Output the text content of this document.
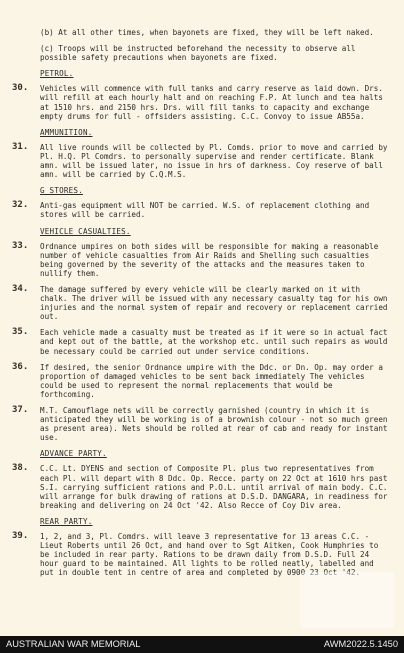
(b) At all other times, when bayonets are fixed, they will be left naked.

(c) Troops will be instructed beforehand the necessity to observe all possible safety precautions when bayonets are fixed.

PETROL.
30. Vehicles will commence with full tanks and carry reserve as laid down. Drs. will refill at each hourly halt and on reaching F.P. At lunch and tea halts at 1510 hrs. and 2150 hrs. Drs. will fill tanks to capacity and exchange empty drums for full - offsiders assisting. C.C. Convoy to issue AB55a.
AMMUNITION.
31. All live rounds will be collected by Pl. Comds. prior to move and carried by Pl. H.Q. Pl Comdrs. to personally supervise and render certificate. Blank amn. will be issued later, no issue in hrs of darkness. Coy reserve of ball amn. will be carried by C.Q.M.S.
G STORES.
32. Anti-gas equipment will NOT be carried. W.S. of replacement clothing and stores will be carried.
VEHICLE CASUALTIES.
33. Ordnance umpires on both sides will be responsible for making a reasonable number of vehicle casualties from Air Raids and Shelling such casualties being governed by the severity of the attacks and the measures taken to nullify them.
34. The damage suffered by every vehicle will be clearly marked on it with chalk. The driver will be issued with any necessary casualty tag for his own injuries and the normal system of repair and recovery or replacement carried out.
35. Each vehicle made a casualty must be treated as if it were so in actual fact and kept out of the battle, at the workshop etc. until such repairs as would be necessary could be carried out under service conditions.
36. If desired, the senior Ordnance umpire with the Ddc. or Dn. Op. may order a proportion of damaged vehicles to be sent back immediately The vehicles could be used to represent the normal replacements that would be forthcoming.
37. M.T. Camouflage nets will be correctly garnished (country in which it is anticipated they will be working is of a brownish colour - not so much green as present area). Nets should be rolled at rear of cab and ready for instant use.
ADVANCE PARTY.
38. C.C. Lt. DYENS and section of Composite Pl. plus two representatives from each Pl. will depart with 8 Ddc. Op. Recce. party on 22 Oct at 1610 hrs past S.I. carrying sufficient rations and P.O.L. until arrival of main body. C.C. will arrange for bulk drawing of rations at D.S.D. DANGARA, in readiness for breaking and delivering on 24 Oct '42. Also Recce of Coy Div area.
REAR PARTY.
39. 1, 2, and 3, Pl. Comdrs. will leave 3 representative for 13 areas C.C. - Lieut Roberts until 26 Oct, and hand over to Sgt Aitken, Cook Humphries to be included in rear party. Rations to be drawn daily from D.S.D. Full 24 hour guard to be maintained. All lights to be rolled neatly, labelled and put in double tent in centre of area and completed by 0900 23 Oct '42.
AUSTRALIAN WAR MEMORIAL	AWM2022.5.1450
